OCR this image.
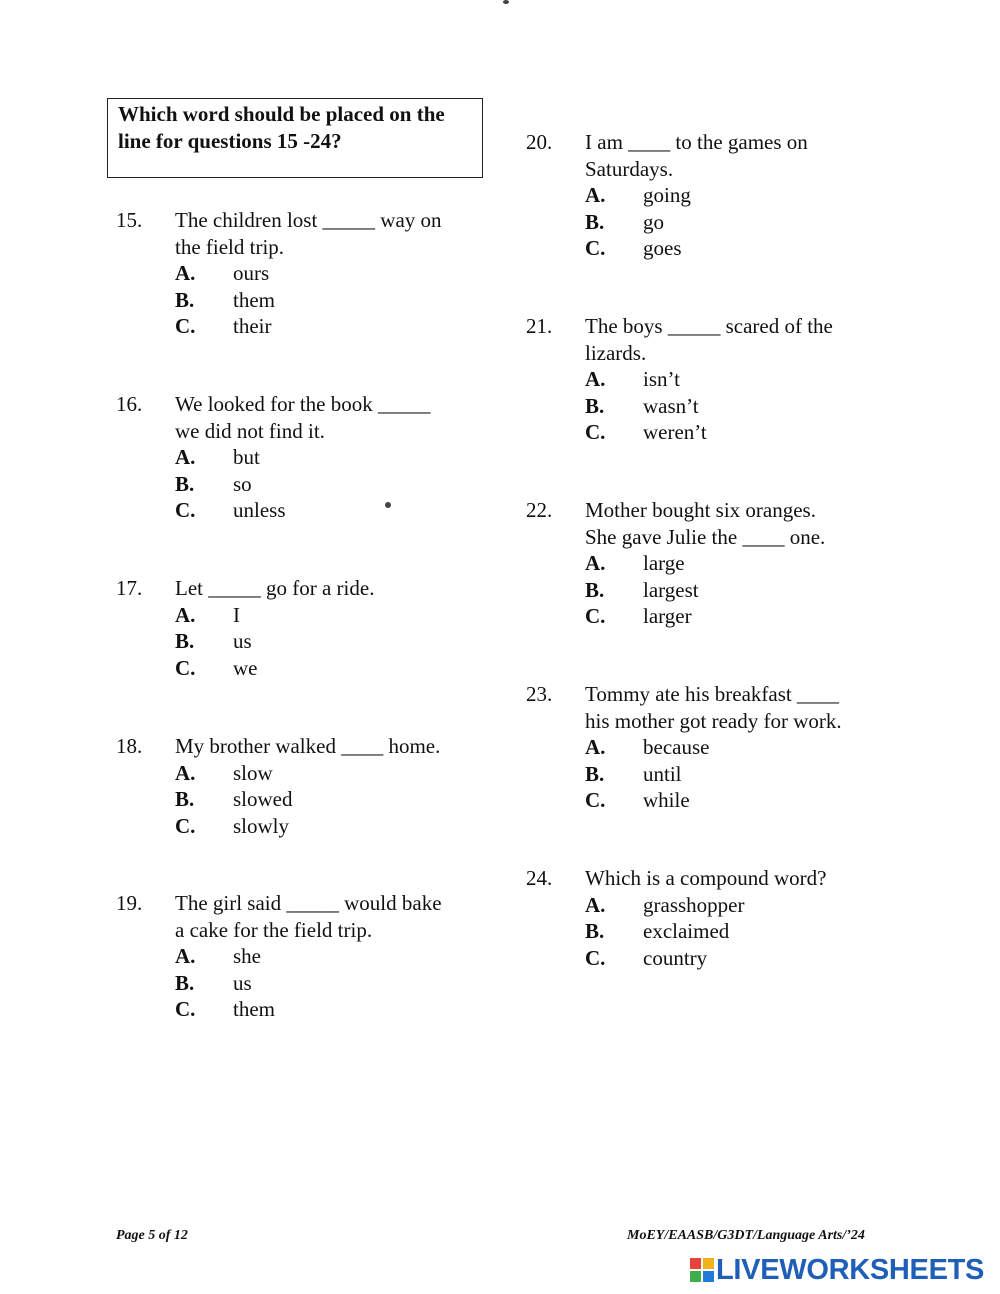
Which word should be placed on the
line for questions 15 -24?
15. The children lost _____ way on
the field trip.
A. ours
B. them
C. their
16. We looked for the book _____
we did not find it.
A. but
B. so
C. unless
17. Let _____ go for a ride.
A. I
B. us
C. we
18. My brother walked ____ home.
A. slow
B. slowed
C. slowly
19. The girl said _____ would bake
a cake for the field trip.
A. she
B. us
C. them
20. I am ____ to the games on
Saturdays.
A. going
B. go
C. goes
21. The boys _____ scared of the
lizards.
A. isn’t
B. wasn’t
C. weren’t
22. Mother bought six oranges.
She gave Julie the ____ one.
A. large
B. largest
C. larger
23. Tommy ate his breakfast ____
his mother got ready for work.
A. because
B. until
C. while
24. Which is a compound word?
A. grasshopper
B. exclaimed
C. country
Page 5 of 12	MoEY/EAASB/G3DT/Language Arts/’24
LIVEWORKSHEETS
